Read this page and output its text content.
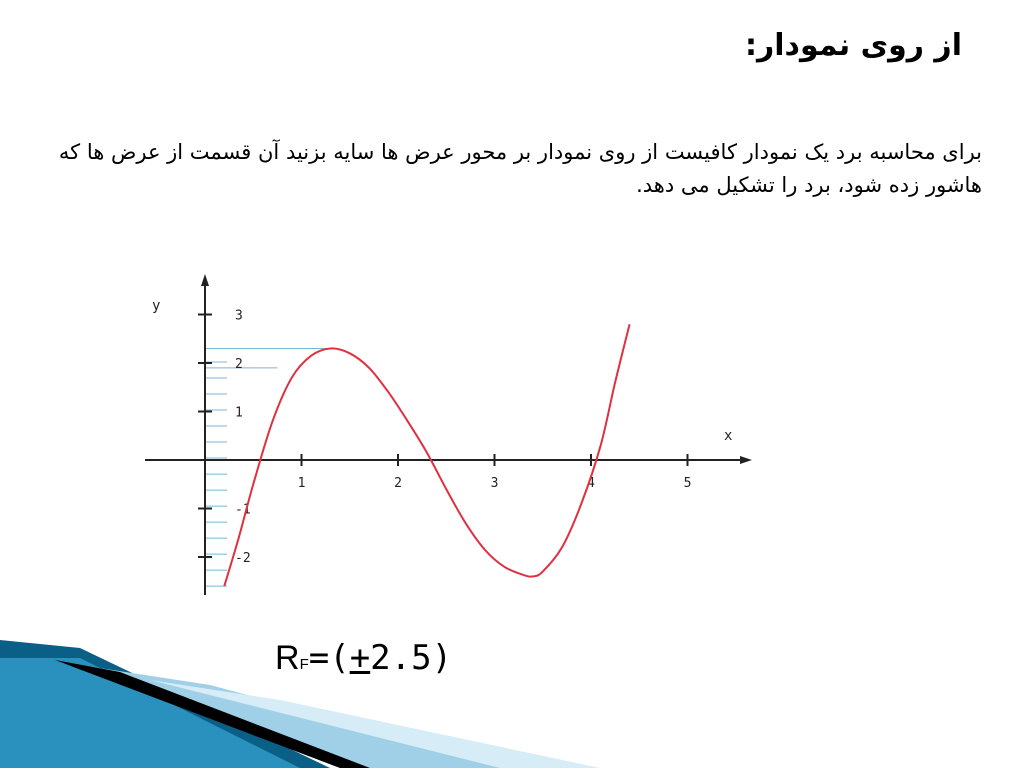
از روی نمودار:
برای محاسبه برد یک نمودار کافیست از روی نمودار بر محور عرض ها سایه بزنید آن قسمت از عرض ها که هاشور زده شود، برد را تشکیل می دهد.
1	2	3	4	5
3
2
1
-1
-2
x
y
RF=(+2.5)
